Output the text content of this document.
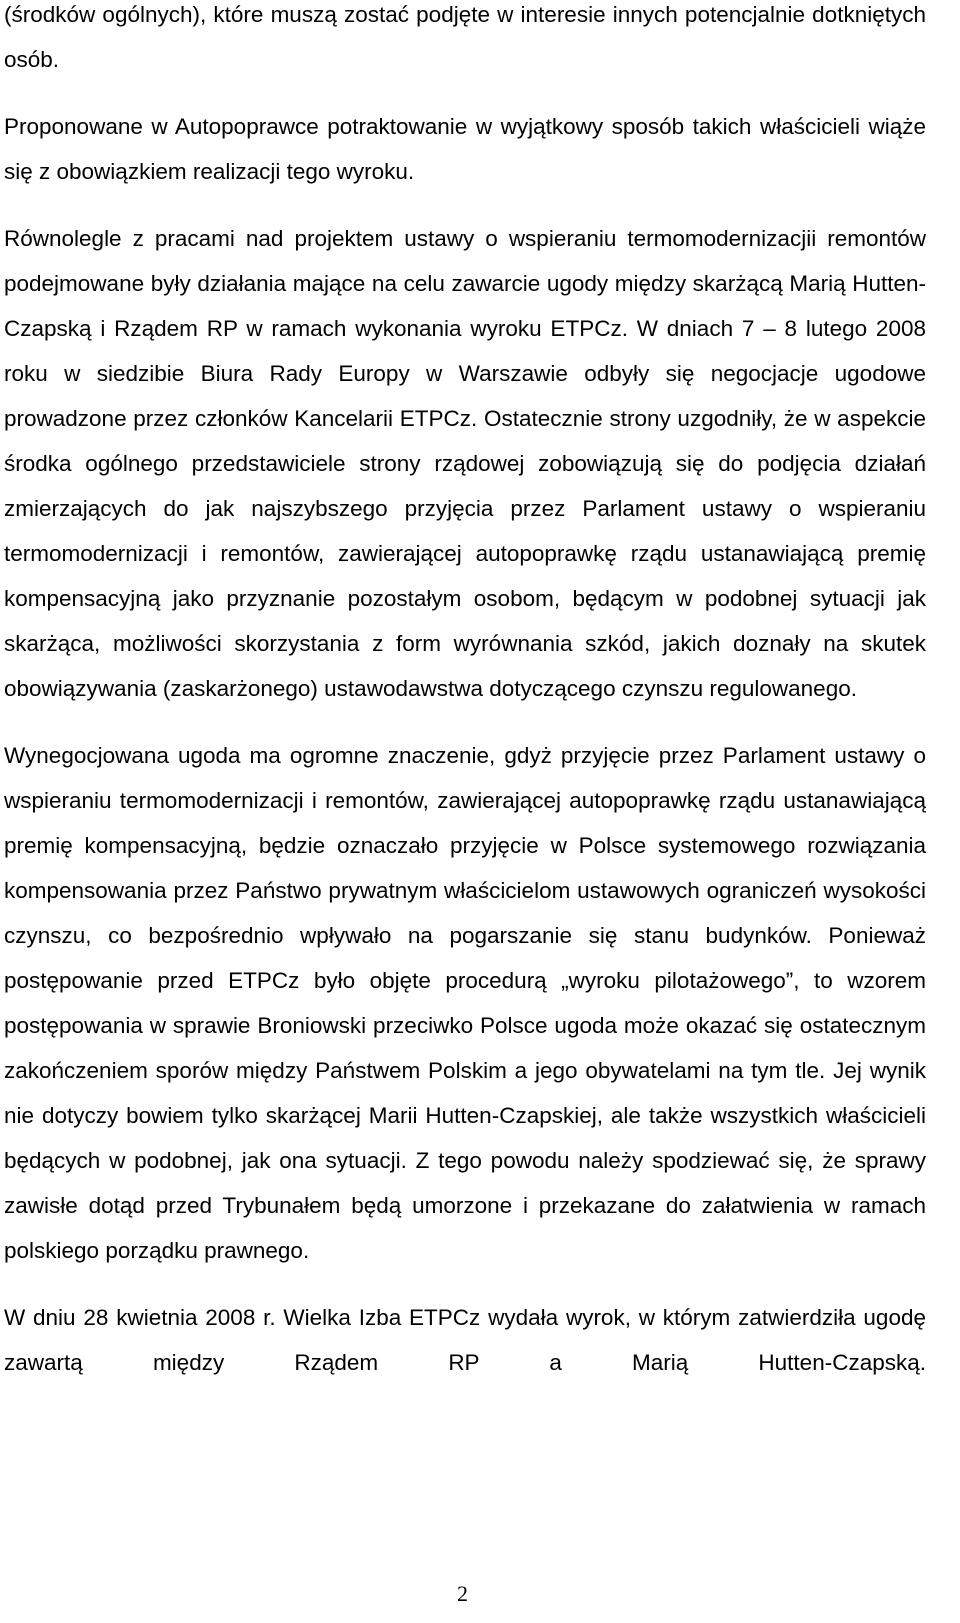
(środków ogólnych), które muszą zostać podjęte w interesie innych potencjalnie dotkniętych osób.

Proponowane w Autopoprawce potraktowanie w wyjątkowy sposób takich właścicieli wiąże się z obowiązkiem realizacji tego wyroku.

Równolegle z pracami nad projektem ustawy o wspieraniu termomodernizacjii remontów podejmowane były działania mające na celu zawarcie ugody między skarżącą Marią Hutten-Czapską i Rządem RP w ramach wykonania wyroku ETPCz. W dniach 7 – 8 lutego 2008 roku w siedzibie Biura Rady Europy w Warszawie odbyły się negocjacje ugodowe prowadzone przez członków Kancelarii ETPCz. Ostatecznie strony uzgodniły, że w aspekcie środka ogólnego przedstawiciele strony rządowej zobowiązują się do podjęcia działań zmierzających do jak najszybszego przyjęcia przez Parlament ustawy o wspieraniu termomodernizacji i remontów, zawierającej autopoprawkę rządu ustanawiającą premię kompensacyjną jako przyznanie pozostałym osobom, będącym w podobnej sytuacji jak skarżąca, możliwości skorzystania z form wyrównania szkód, jakich doznały na skutek obowiązywania (zaskarżonego) ustawodawstwa dotyczącego czynszu regulowanego.

Wynegocjowana ugoda ma ogromne znaczenie, gdyż przyjęcie przez Parlament ustawy o wspieraniu termomodernizacji i remontów, zawierającej autopoprawkę rządu ustanawiającą premię kompensacyjną, będzie oznaczało przyjęcie w Polsce systemowego rozwiązania kompensowania przez Państwo prywatnym właścicielom ustawowych ograniczeń wysokości czynszu, co bezpośrednio wpływało na pogarszanie się stanu budynków. Ponieważ postępowanie przed ETPCz było objęte procedurą „wyroku pilotażowego”, to wzorem postępowania w sprawie Broniowski przeciwko Polsce ugoda może okazać się ostatecznym zakończeniem sporów między Państwem Polskim a jego obywatelami na tym tle. Jej wynik nie dotyczy bowiem tylko skarżącej Marii Hutten-Czapskiej, ale także wszystkich właścicieli będących w podobnej, jak ona sytuacji. Z tego powodu należy spodziewać się, że sprawy zawisłe dotąd przed Trybunałem będą umorzone i przekazane do załatwienia w ramach polskiego porządku prawnego.

W dniu 28 kwietnia 2008 r. Wielka Izba ETPCz wydała wyrok, w którym zatwierdziła ugodę zawartą między Rządem RP a Marią Hutten-Czapską.

2
